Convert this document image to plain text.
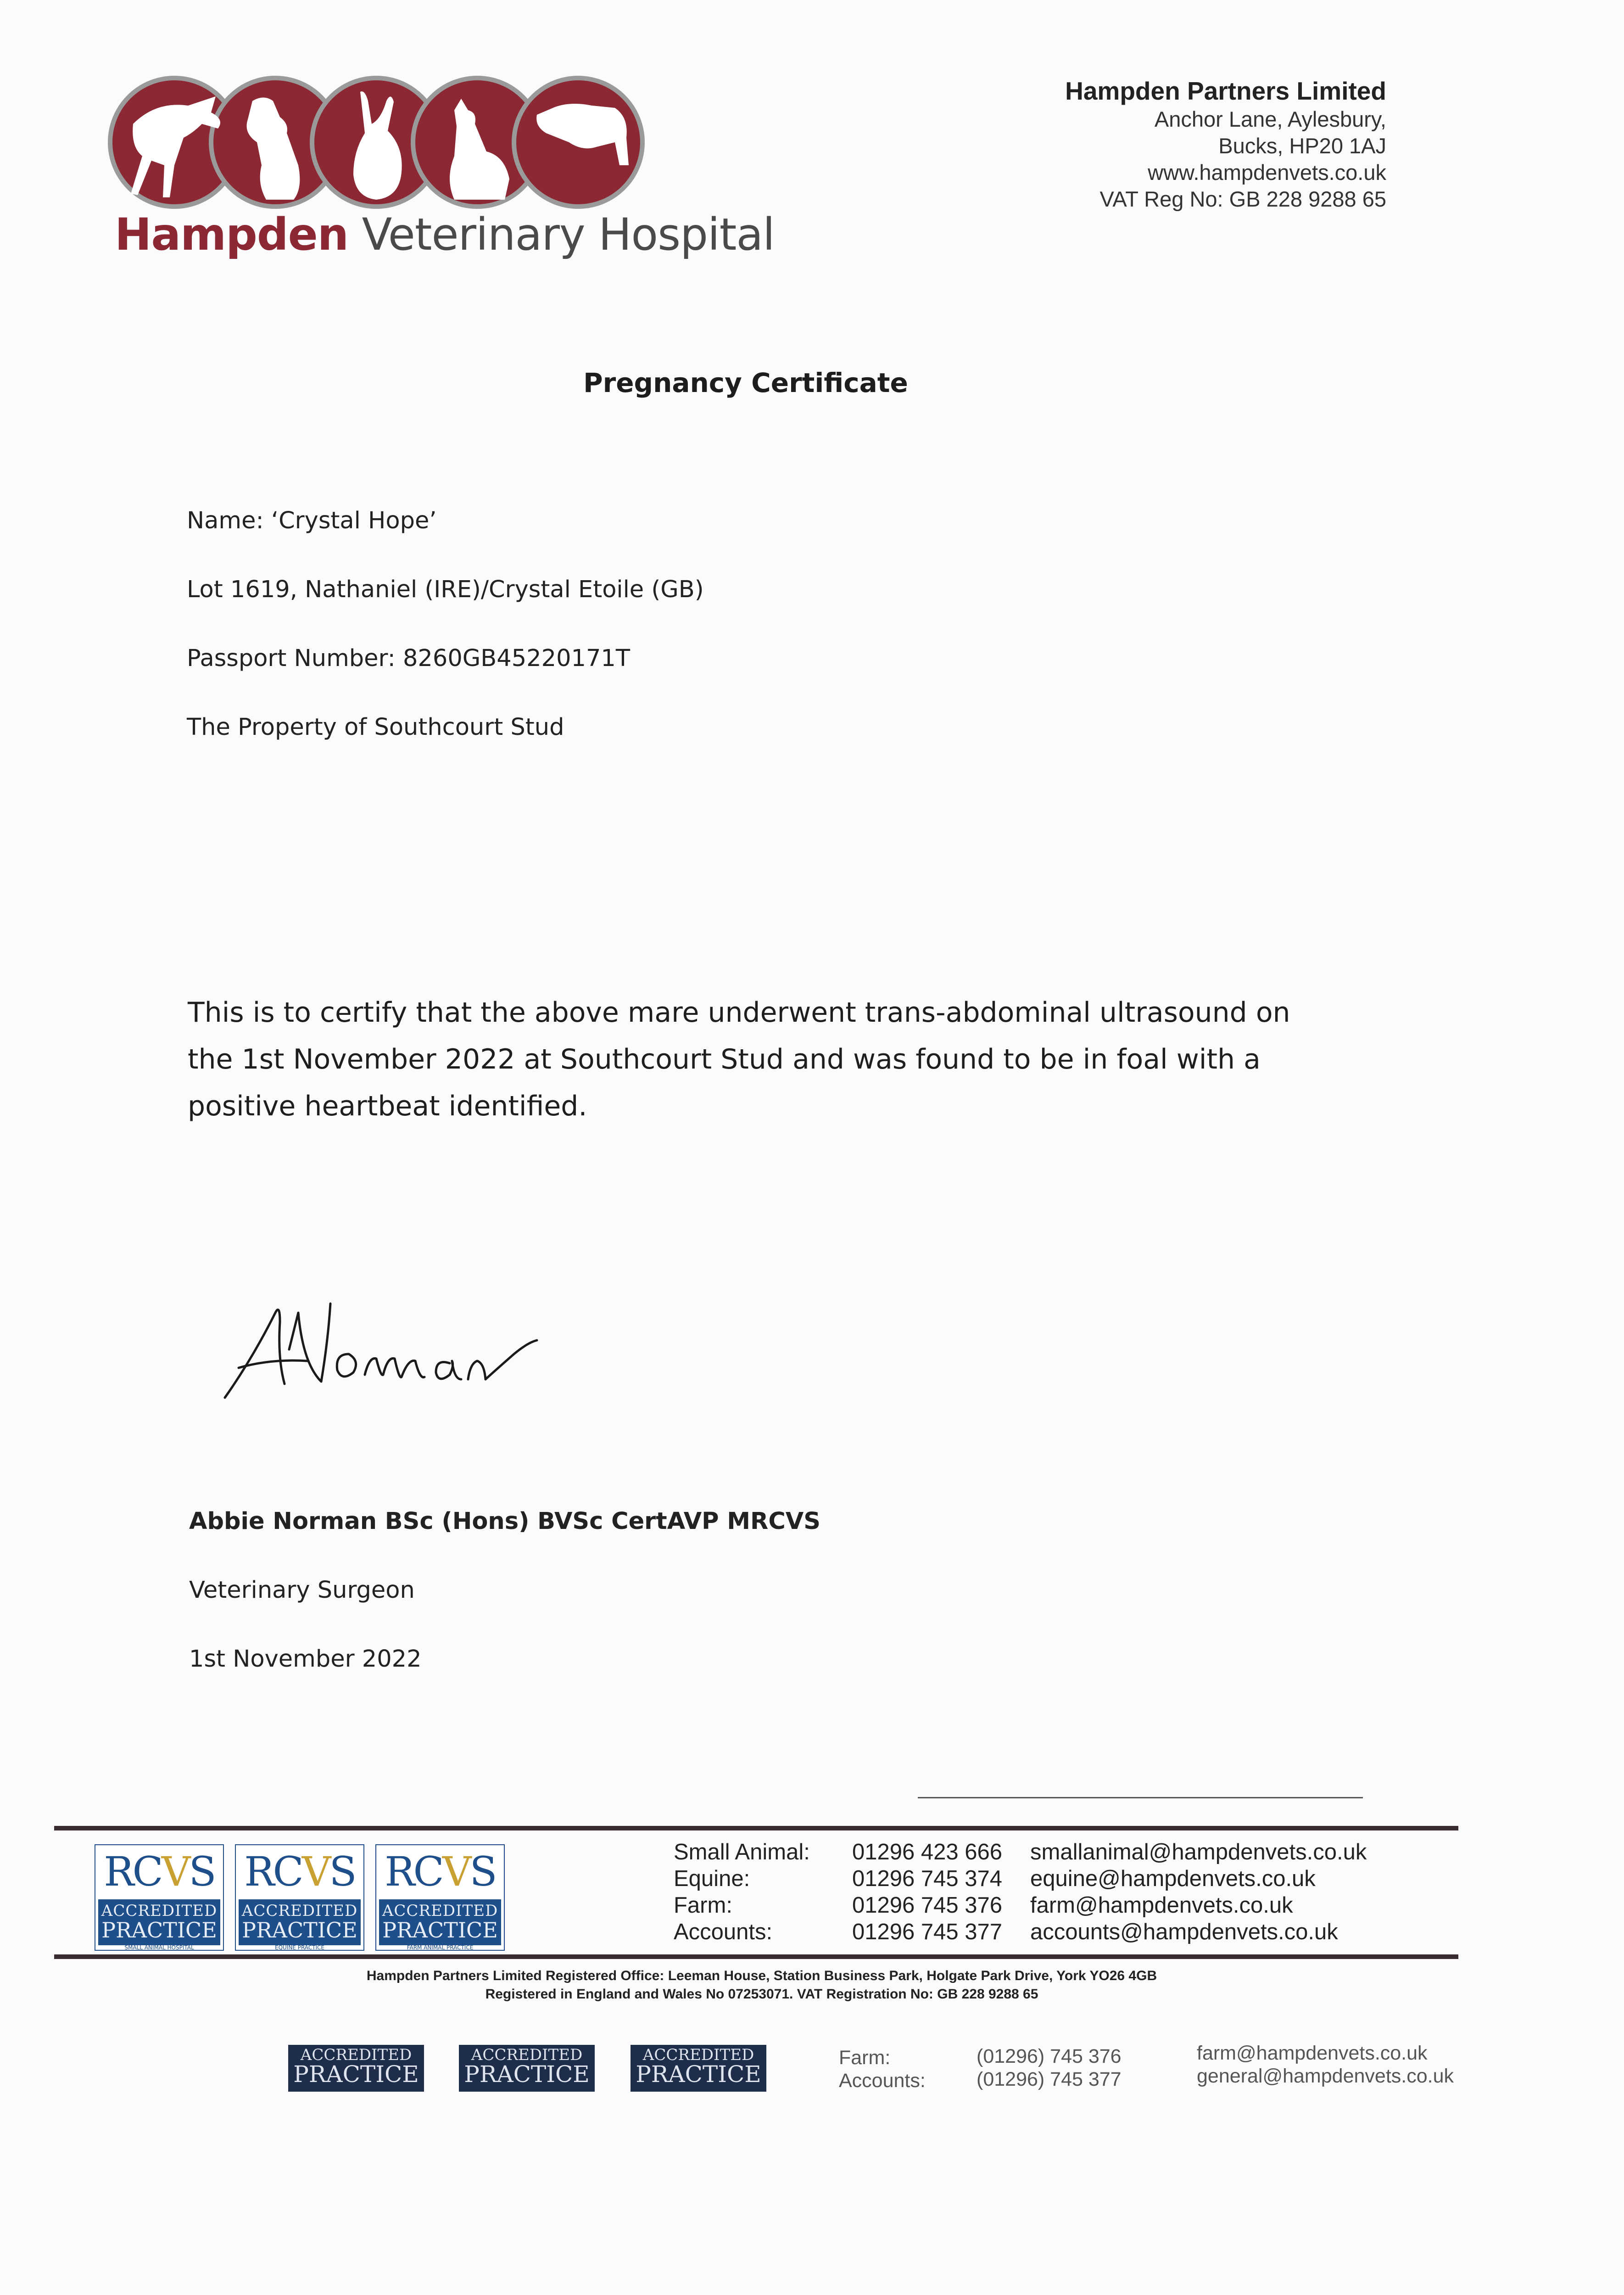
Hampden Veterinary Hospital
Hampden Partners Limited
Anchor Lane, Aylesbury,
Bucks, HP20 1AJ
www.hampdenvets.co.uk
VAT Reg No: GB 228 9288 65
Pregnancy Certificate
Name: ‘Crystal Hope’
Lot 1619, Nathaniel (IRE)/Crystal Etoile (GB)
Passport Number: 8260GB45220171T
The Property of Southcourt Stud
This is to certify that the above mare underwent trans-abdominal ultrasound on the 1st November 2022 at Southcourt Stud and was found to be in foal with a positive heartbeat identified.
Abbie Norman BSc (Hons) BVSc CertAVP MRCVS
Veterinary Surgeon
1st November 2022
RCVS
ACCREDITED
PRACTICE
SMALL ANIMAL HOSPITAL
RCVS
ACCREDITED
PRACTICE
EQUINE PRACTICE
RCVS
ACCREDITED
PRACTICE
FARM ANIMAL PRACTICE
Small Animal:
Equine:
Farm:
Accounts:
01296 423 666
01296 745 374
01296 745 376
01296 745 377
smallanimal@hampdenvets.co.uk
equine@hampdenvets.co.uk
farm@hampdenvets.co.uk
accounts@hampdenvets.co.uk
Hampden Partners Limited Registered Office: Leeman House, Station Business Park, Holgate Park Drive, York YO26 4GB
Registered in England and Wales No 07253071. VAT Registration No: GB 228 9288 65
ACCREDITED
PRACTICE
ACCREDITED
PRACTICE
ACCREDITED
PRACTICE
Farm:
Accounts:
(01296) 745 376
(01296) 745 377
farm@hampdenvets.co.uk
general@hampdenvets.co.uk
